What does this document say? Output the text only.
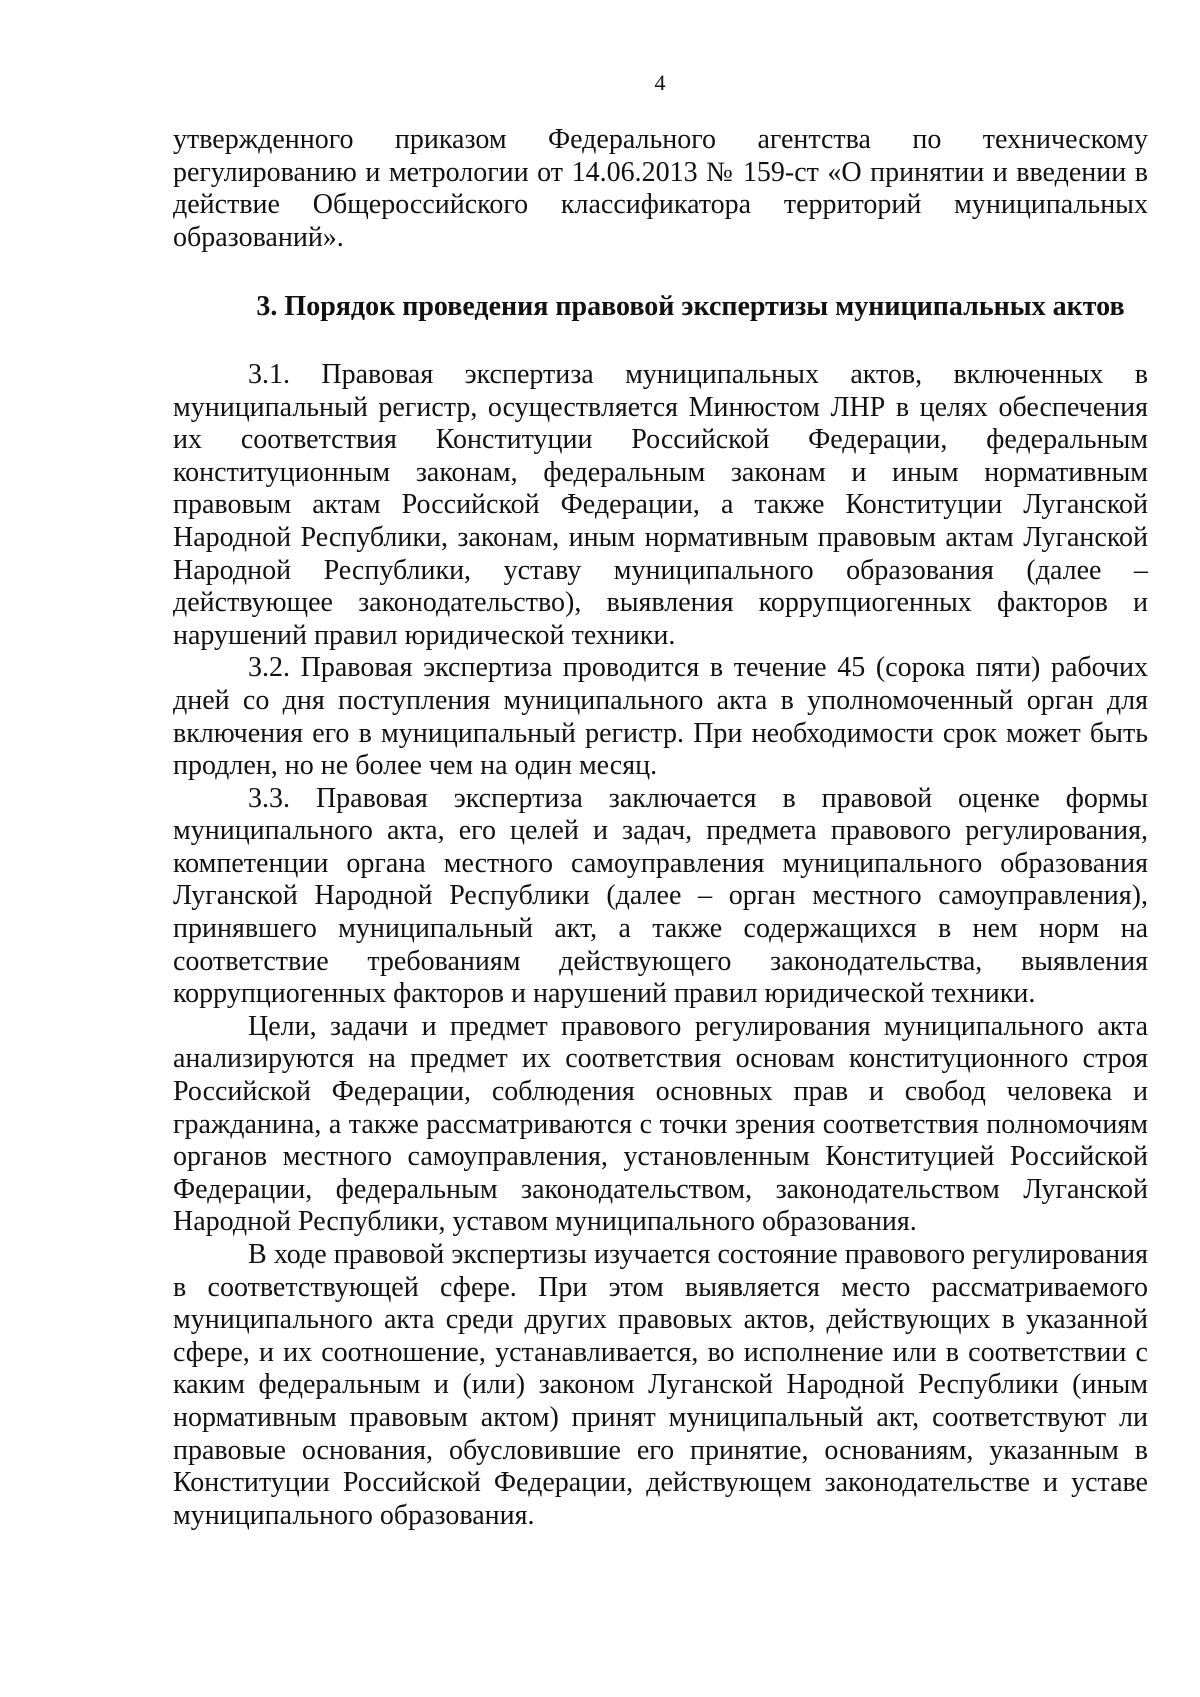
4

утвержденного приказом Федерального агентства по техническому регулированию и метрологии от 14.06.2013 № 159-ст «О принятии и введении в действие Общероссийского классификатора территорий муниципальных образований».

3. Порядок проведения правовой экспертизы муниципальных актов

3.1. Правовая экспертиза муниципальных актов, включенных в муниципальный регистр, осуществляется Минюстом ЛНР в целях обеспечения их соответствия Конституции Российской Федерации, федеральным конституционным законам, федеральным законам и иным нормативным правовым актам Российской Федерации, а также Конституции Луганской Народной Республики, законам, иным нормативным правовым актам Луганской Народной Республики, уставу муниципального образования (далее – действующее законодательство), выявления коррупциогенных факторов и нарушений правил юридической техники.

3.2. Правовая экспертиза проводится в течение 45 (сорока пяти) рабочих дней со дня поступления муниципального акта в уполномоченный орган для включения его в муниципальный регистр. При необходимости срок может быть продлен, но не более чем на один месяц.

3.3. Правовая экспертиза заключается в правовой оценке формы муниципального акта, его целей и задач, предмета правового регулирования, компетенции органа местного самоуправления муниципального образования Луганской Народной Республики (далее – орган местного самоуправления), принявшего муниципальный акт, а также содержащихся в нем норм на соответствие требованиям действующего законодательства, выявления коррупциогенных факторов и нарушений правил юридической техники.

Цели, задачи и предмет правового регулирования муниципального акта анализируются на предмет их соответствия основам конституционного строя Российской Федерации, соблюдения основных прав и свобод человека и гражданина, а также рассматриваются с точки зрения соответствия полномочиям органов местного самоуправления, установленным Конституцией Российской Федерации, федеральным законодательством, законодательством Луганской Народной Республики, уставом муниципального образования.

В ходе правовой экспертизы изучается состояние правового регулирования в соответствующей сфере. При этом выявляется место рассматриваемого муниципального акта среди других правовых актов, действующих в указанной сфере, и их соотношение, устанавливается, во исполнение или в соответствии с каким федеральным и (или) законом Луганской Народной Республики (иным нормативным правовым актом) принят муниципальный акт, соответствуют ли правовые основания, обусловившие его принятие, основаниям, указанным в Конституции Российской Федерации, действующем законодательстве и уставе муниципального образования.
